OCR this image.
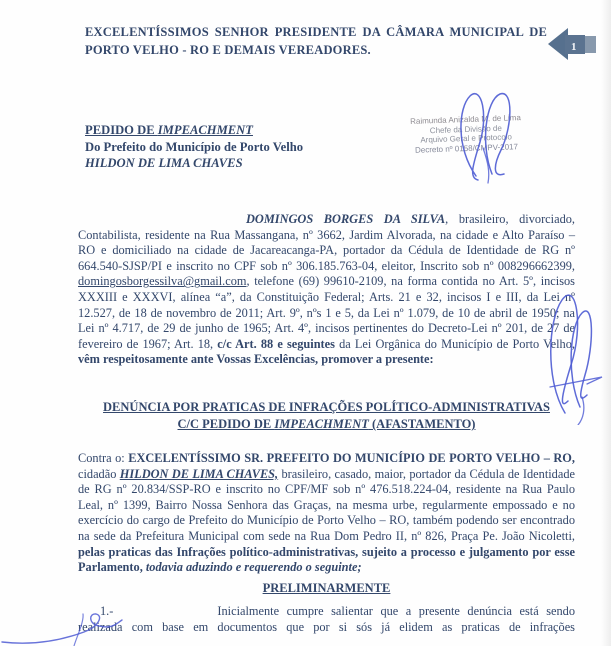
EXCELENTÍSSIMOS SENHOR PRESIDENTE DA CÂMARA MUNICIPAL DE
PORTO VELHO - RO E DEMAIS VEREADORES.	1
PEDIDO DE IMPEACHMENT
Do Prefeito do Município de Porto Velho
HILDON DE LIMA CHAVES
Raimunda Anizalda M. de Lima
Chefe da Divisão de
Arquivo Geral e Protocolo
Decreto nº 0158/CMPV-2017

DOMINGOS BORGES DA SILVA, brasileiro, divorciado, Contabilista, residente na Rua Massangana, nº 3662, Jardim Alvorada, na cidade e Alto Paraíso – RO e domiciliado na cidade de Jacareacanga-PA, portador da Cédula de Identidade de RG nº 664.540-SJSP/PI e inscrito no CPF sob nº 306.185.763-04, eleitor, Inscrito sob nº 008296662399, domingosborgessilva@gmail.com, telefone (69) 99610-2109, na forma contida no Art. 5º, incisos XXXIII e XXXVI, alínea “a”, da Constituição Federal; Arts. 21 e 32, incisos I e III, da Lei nº 12.527, de 18 de novembro de 2011; Art. 9º, nºs 1 e 5, da Lei nº 1.079, de 10 de abril de 1950; na Lei nº 4.717, de 29 de junho de 1965; Art. 4º, incisos pertinentes do Decreto-Lei nº 201, de 27 de fevereiro de 1967; Art. 18, c/c Art. 88 e seguintes da Lei Orgânica do Município de Porto Velho, vêm respeitosamente ante Vossas Excelências, promover a presente:

DENÚNCIA POR PRATICAS DE INFRAÇÕES POLÍTICO-ADMINISTRATIVAS
C/C PEDIDO DE IMPEACHMENT (AFASTAMENTO)

Contra o: EXCELENTÍSSIMO SR. PREFEITO DO MUNICÍPIO DE PORTO VELHO – RO, cidadão HILDON DE LIMA CHAVES, brasileiro, casado, maior, portador da Cédula de Identidade de RG nº 20.834/SSP-RO e inscrito no CPF/MF sob nº 476.518.224-04, residente na Rua Paulo Leal, nº 1399, Bairro Nossa Senhora das Graças, na mesma urbe, regularmente empossado e no exercício do cargo de Prefeito do Município de Porto Velho – RO, também podendo ser encontrado na sede da Prefeitura Municipal com sede na Rua Dom Pedro II, nº 826, Praça Pe. João Nicoletti, pelas praticas das Infrações político-administrativas, sujeito a processo e julgamento por esse Parlamento, todavia aduzindo e requerendo o seguinte;

PRELIMINARMENTE

1.-	Inicialmente cumpre salientar que a presente denúncia está sendo realizada com base em documentos que por si sós já elidem as praticas de infrações
